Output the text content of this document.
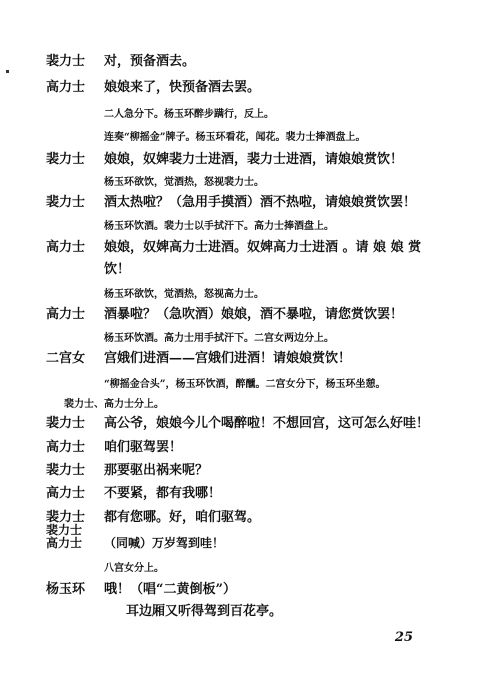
裴力士 对，预备酒去。
高力士 娘娘来了，快预备酒去罢。
二人急分下。杨玉环醉步蹒行，反上。
连奏“柳摇金”牌子。杨玉环看花，闻花。裴力士捧酒盘上。
裴力士 娘娘，奴婢裴力士进酒，裴力士进酒，请娘娘赏饮！
杨玉环欲饮，觉酒热，怒视裴力士。
裴力士 酒太热啦？（急用手摸酒）酒不热啦，请娘娘赏饮罢！
杨玉环饮酒。裴力士以手拭汗下。高力士捧酒盘上。
高力士 娘娘，奴婢高力士进酒。奴婢高力士进酒 。请 娘 娘 赏
饮！
杨玉环欲饮，觉酒热，怒视高力士。
高力士 酒暴啦？（急吹酒）娘娘，酒不暴啦，请您赏饮罢！
杨玉环饮酒。高力士用手拭汗下。二宫女两边分上。
二宫女 宫娥们进酒——宫娥们进酒！请娘娘赏饮！
“柳摇金合头”，杨玉环饮酒，醉醺。二宫女分下，杨玉环坐憩。
裴力士、高力士分上。
裴力士 高公爷，娘娘今儿个喝醉啦！不想回宫，这可怎么好哇！
高力士 咱们驱驾罢！
裴力士 那要驱出祸来呢？
高力士 不要紧，都有我哪！
裴力士 都有您哪。好，咱们驱驾。
裴力士
高力士 （同喊）万岁驾到哇！
八宫女分上。
杨玉环 哦！（唱“二黄倒板”）
耳边厢又听得驾到百花亭。
25
